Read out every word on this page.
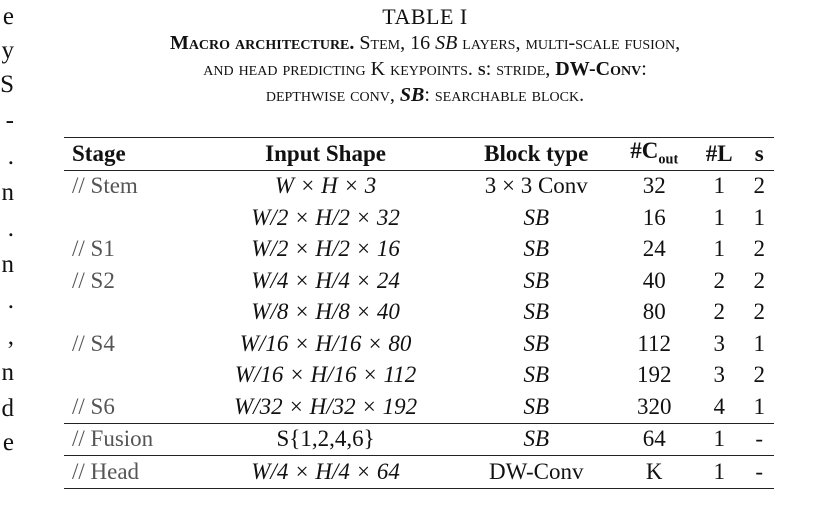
e
y
S
-
.
n
.
n
.
,
n
d
e
TABLE I
Macro architecture. Stem, 16 SB layers, multi-scale fusion,
and head predicting K keypoints. s: stride, DW-Conv:
depthwise conv, SB: searchable block.
Stage	Input Shape	Block type	$\#C_{out}$	#L	s
// Stem	W × H × 3	3 × 3 Conv	32	1	2
	W/2 × H/2 × 32	SB	16	1	1
// S1	W/2 × H/2 × 16	SB	24	1	2
// S2	W/4 × H/4 × 24	SB	40	2	2
	W/8 × H/8 × 40	SB	80	2	2
// S4	W/16 × H/16 × 80	SB	112	3	1
	W/16 × H/16 × 112	SB	192	3	2
// S6	W/32 × H/32 × 192	SB	320	4	1
// Fusion	S{1,2,4,6}	SB	64	1	-
// Head	W/4 × H/4 × 64	DW-Conv	K	1	-
